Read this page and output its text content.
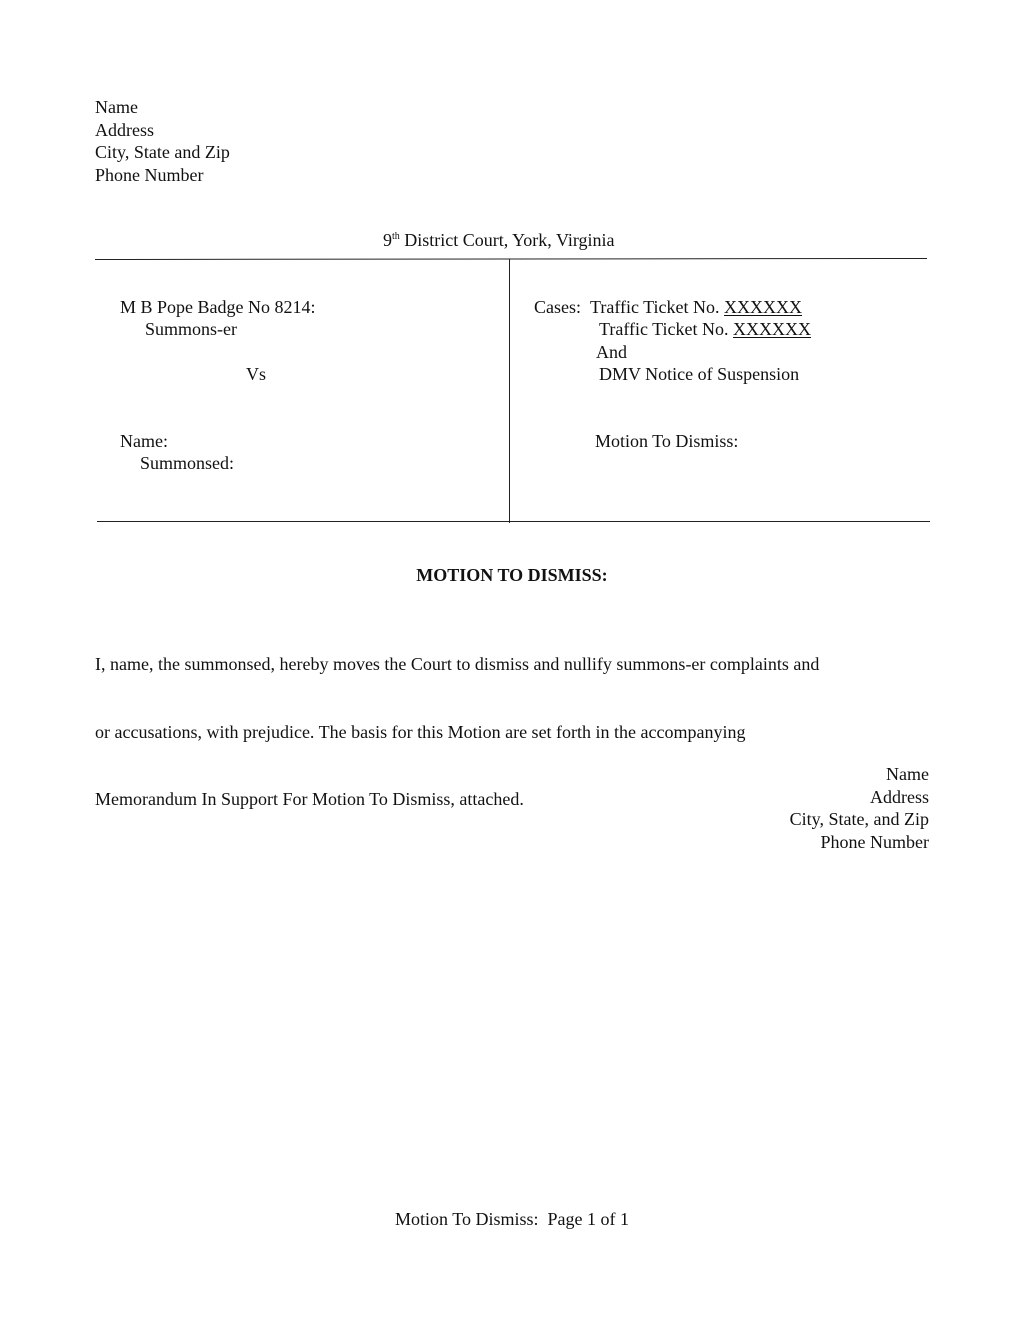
Name
Address
City, State and Zip
Phone Number
9th District Court, York, Virginia
M B Pope Badge No 8214:
Summons-er
Vs
Name:
Summonsed:
Cases: Traffic Ticket No. XXXXXX
Traffic Ticket No. XXXXXX
And
DMV Notice of Suspension
Motion To Dismiss:
MOTION TO DISMISS:

I, name, the summonsed, hereby moves the Court to dismiss and nullify summons-er complaints and

or accusations, with prejudice. The basis for this Motion are set forth in the accompanying

Memorandum In Support For Motion To Dismiss, attached.

Name
Address
City, State, and Zip
Phone Number
Motion To Dismiss:  Page 1 of 1
